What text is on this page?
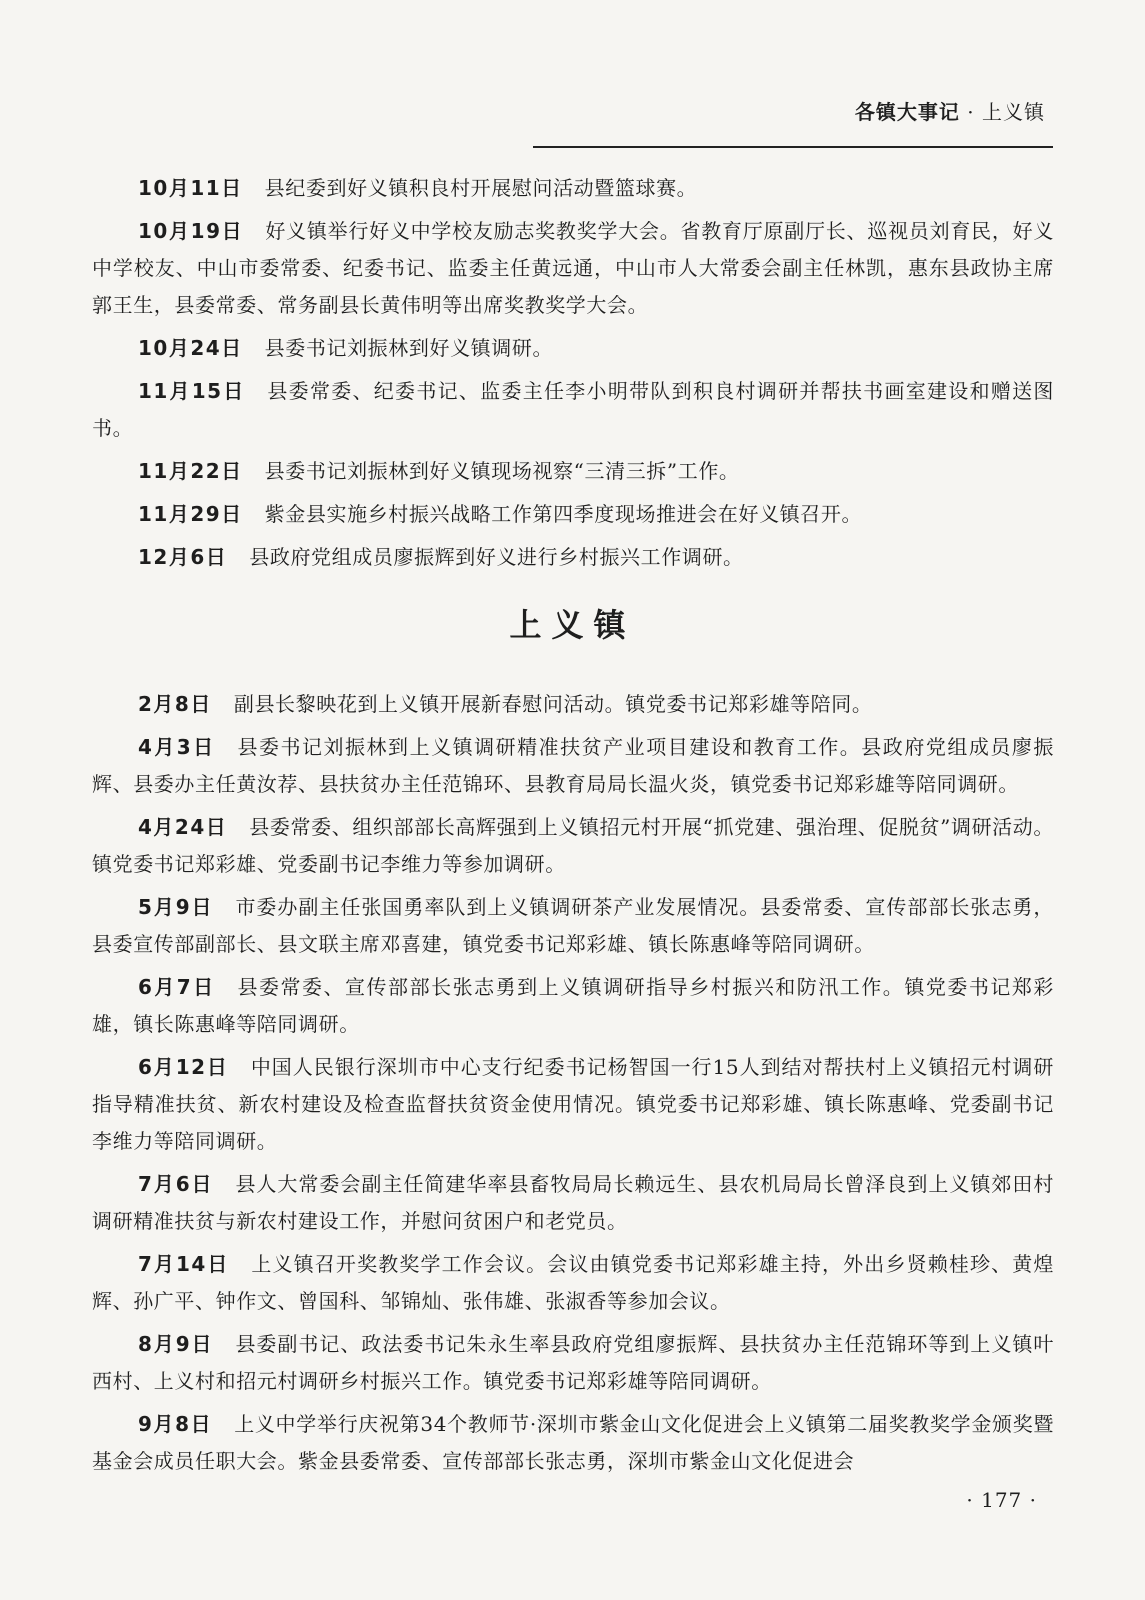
各镇大事记 · 上义镇

10月11日 县纪委到好义镇积良村开展慰问活动暨篮球赛。

10月19日 好义镇举行好义中学校友励志奖教奖学大会。省教育厅原副厅长、巡视员刘育民，好义中学校友、中山市委常委、纪委书记、监委主任黄远通，中山市人大常委会副主任林凯，惠东县政协主席郭王生，县委常委、常务副县长黄伟明等出席奖教奖学大会。

10月24日 县委书记刘振林到好义镇调研。

11月15日 县委常委、纪委书记、监委主任李小明带队到积良村调研并帮扶书画室建设和赠送图书。

11月22日 县委书记刘振林到好义镇现场视察“三清三拆”工作。

11月29日 紫金县实施乡村振兴战略工作第四季度现场推进会在好义镇召开。

12月6日 县政府党组成员廖振辉到好义进行乡村振兴工作调研。

上义镇

2月8日 副县长黎映花到上义镇开展新春慰问活动。镇党委书记郑彩雄等陪同。

4月3日 县委书记刘振林到上义镇调研精准扶贫产业项目建设和教育工作。县政府党组成员廖振辉、县委办主任黄汝荐、县扶贫办主任范锦环、县教育局局长温火炎，镇党委书记郑彩雄等陪同调研。

4月24日 县委常委、组织部部长高辉强到上义镇招元村开展“抓党建、强治理、促脱贫”调研活动。镇党委书记郑彩雄、党委副书记李维力等参加调研。

5月9日 市委办副主任张国勇率队到上义镇调研茶产业发展情况。县委常委、宣传部部长张志勇，县委宣传部副部长、县文联主席邓喜建，镇党委书记郑彩雄、镇长陈惠峰等陪同调研。

6月7日 县委常委、宣传部部长张志勇到上义镇调研指导乡村振兴和防汛工作。镇党委书记郑彩雄，镇长陈惠峰等陪同调研。

6月12日 中国人民银行深圳市中心支行纪委书记杨智国一行15人到结对帮扶村上义镇招元村调研指导精准扶贫、新农村建设及检查监督扶贫资金使用情况。镇党委书记郑彩雄、镇长陈惠峰、党委副书记李维力等陪同调研。

7月6日 县人大常委会副主任简建华率县畜牧局局长赖远生、县农机局局长曾泽良到上义镇郊田村调研精准扶贫与新农村建设工作，并慰问贫困户和老党员。

7月14日 上义镇召开奖教奖学工作会议。会议由镇党委书记郑彩雄主持，外出乡贤赖桂珍、黄煌辉、孙广平、钟作文、曾国科、邹锦灿、张伟雄、张淑香等参加会议。

8月9日 县委副书记、政法委书记朱永生率县政府党组廖振辉、县扶贫办主任范锦环等到上义镇叶西村、上义村和招元村调研乡村振兴工作。镇党委书记郑彩雄等陪同调研。

9月8日 上义中学举行庆祝第34个教师节·深圳市紫金山文化促进会上义镇第二届奖教奖学金颁奖暨基金会成员任职大会。紫金县委常委、宣传部部长张志勇，深圳市紫金山文化促进会

· 177 ·
